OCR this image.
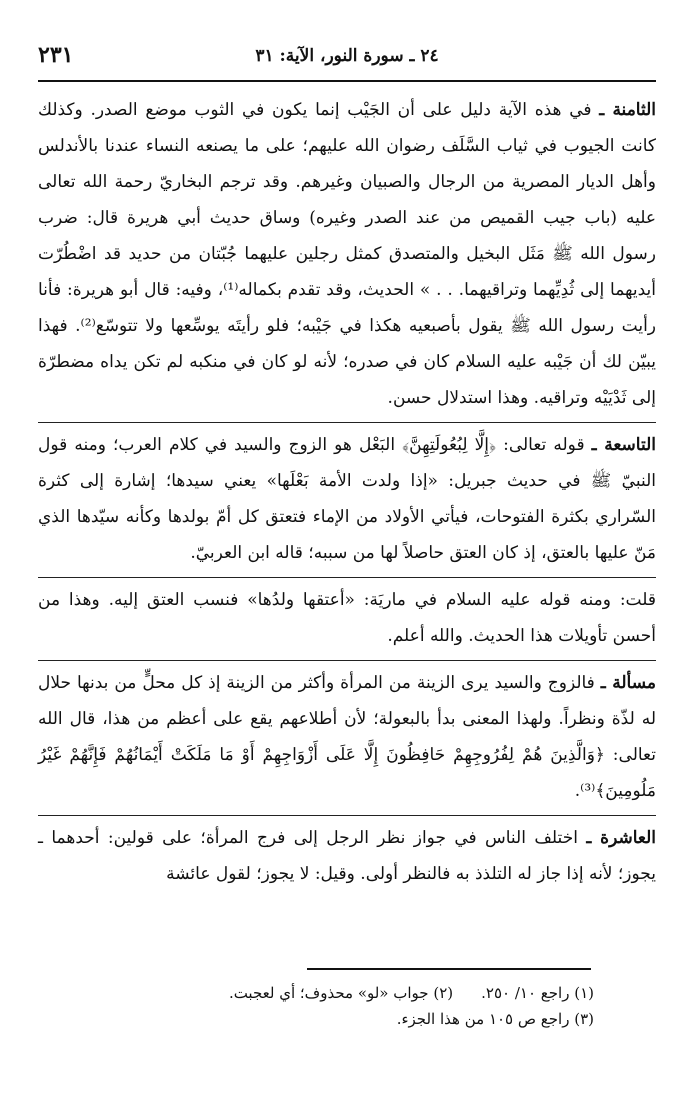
٢٤ ـ سورة النور، الآية: ٣١
٢٣١

الثامنة ـ في هذه الآية دليل على أن الجَيْب إنما يكون في الثوب موضع الصدر. وكذلك كانت الجيوب في ثياب السَّلَف رضوان الله عليهم؛ على ما يصنعه النساء عندنا بالأندلس وأهل الديار المصرية من الرجال والصبيان وغيرهم. وقد ترجم البخاريّ رحمة الله تعالى عليه (باب جيب القميص من عند الصدر وغيره) وساق حديث أبي هريرة قال: ضرب رسول الله ﷺ مَثَل البخيل والمتصدق كمثل رجلين عليهما جُبّتان من حديد قد اضْطُرّت أيديهما إلى ثُدِيِّهما وتراقيهما. . . » الحديث، وقد تقدم بكماله⁽¹⁾، وفيه: قال أبو هريرة: فأنا رأيت رسول الله ﷺ يقول بأصبعيه هكذا في جَيْبه؛ فلو رأيتَه يوسِّعها ولا تتوسّع⁽²⁾. فهذا يبيّن لك أن جَيْبه عليه السلام كان في صدره؛ لأنه لو كان في منكبه لم تكن يداه مضطرّة إلى ثَدْيَيْه وتراقيه. وهذا استدلال حسن.

التاسعة ـ قوله تعالى: ﴿إِلَّا لِبُعُولَتِهِنَّ﴾ البَعْل هو الزوج والسيد في كلام العرب؛ ومنه قول النبيّ ﷺ في حديث جبريل: «إذا ولدت الأمة بَعْلَها» يعني سيدها؛ إشارة إلى كثرة السّراري بكثرة الفتوحات، فيأتي الأولاد من الإماء فتعتق كل أمّ بولدها وكأنه سيّدها الذي مَنّ عليها بالعتق، إذ كان العتق حاصلاً لها من سببه؛ قاله ابن العربيّ.

قلت: ومنه قوله عليه السلام في ماريَة: «أعتقها ولدُها» فنسب العتق إليه. وهذا من أحسن تأويلات هذا الحديث. والله أعلم.

مسألة ـ فالزوج والسيد يرى الزينة من المرأة وأكثر من الزينة إذ كل محلٍّ من بدنها حلال له لذّة ونظراً. ولهذا المعنى بدأ بالبعولة؛ لأن أطلاعهم يقع على أعظم من هذا، قال الله تعالى: ﴿وَالَّذِينَ هُمْ لِفُرُوجِهِمْ حَافِظُونَ إِلَّا عَلَى أَزْوَاجِهِمْ أَوْ مَا مَلَكَتْ أَيْمَانُهُمْ فَإِنَّهُمْ غَيْرُ مَلُومِينَ﴾⁽³⁾.

العاشرة ـ اختلف الناس في جواز نظر الرجل إلى فرج المرأة؛ على قولين: أحدهما ـ يجوز؛ لأنه إذا جاز له التلذذ به فالنظر أولى. وقيل: لا يجوز؛ لقول عائشة

(١) راجع ١٠/ ٢٥٠.(٢) جواب «لو» محذوف؛ أي لعجبت.
(٣) راجع ص ١٠٥ من هذا الجزء.
